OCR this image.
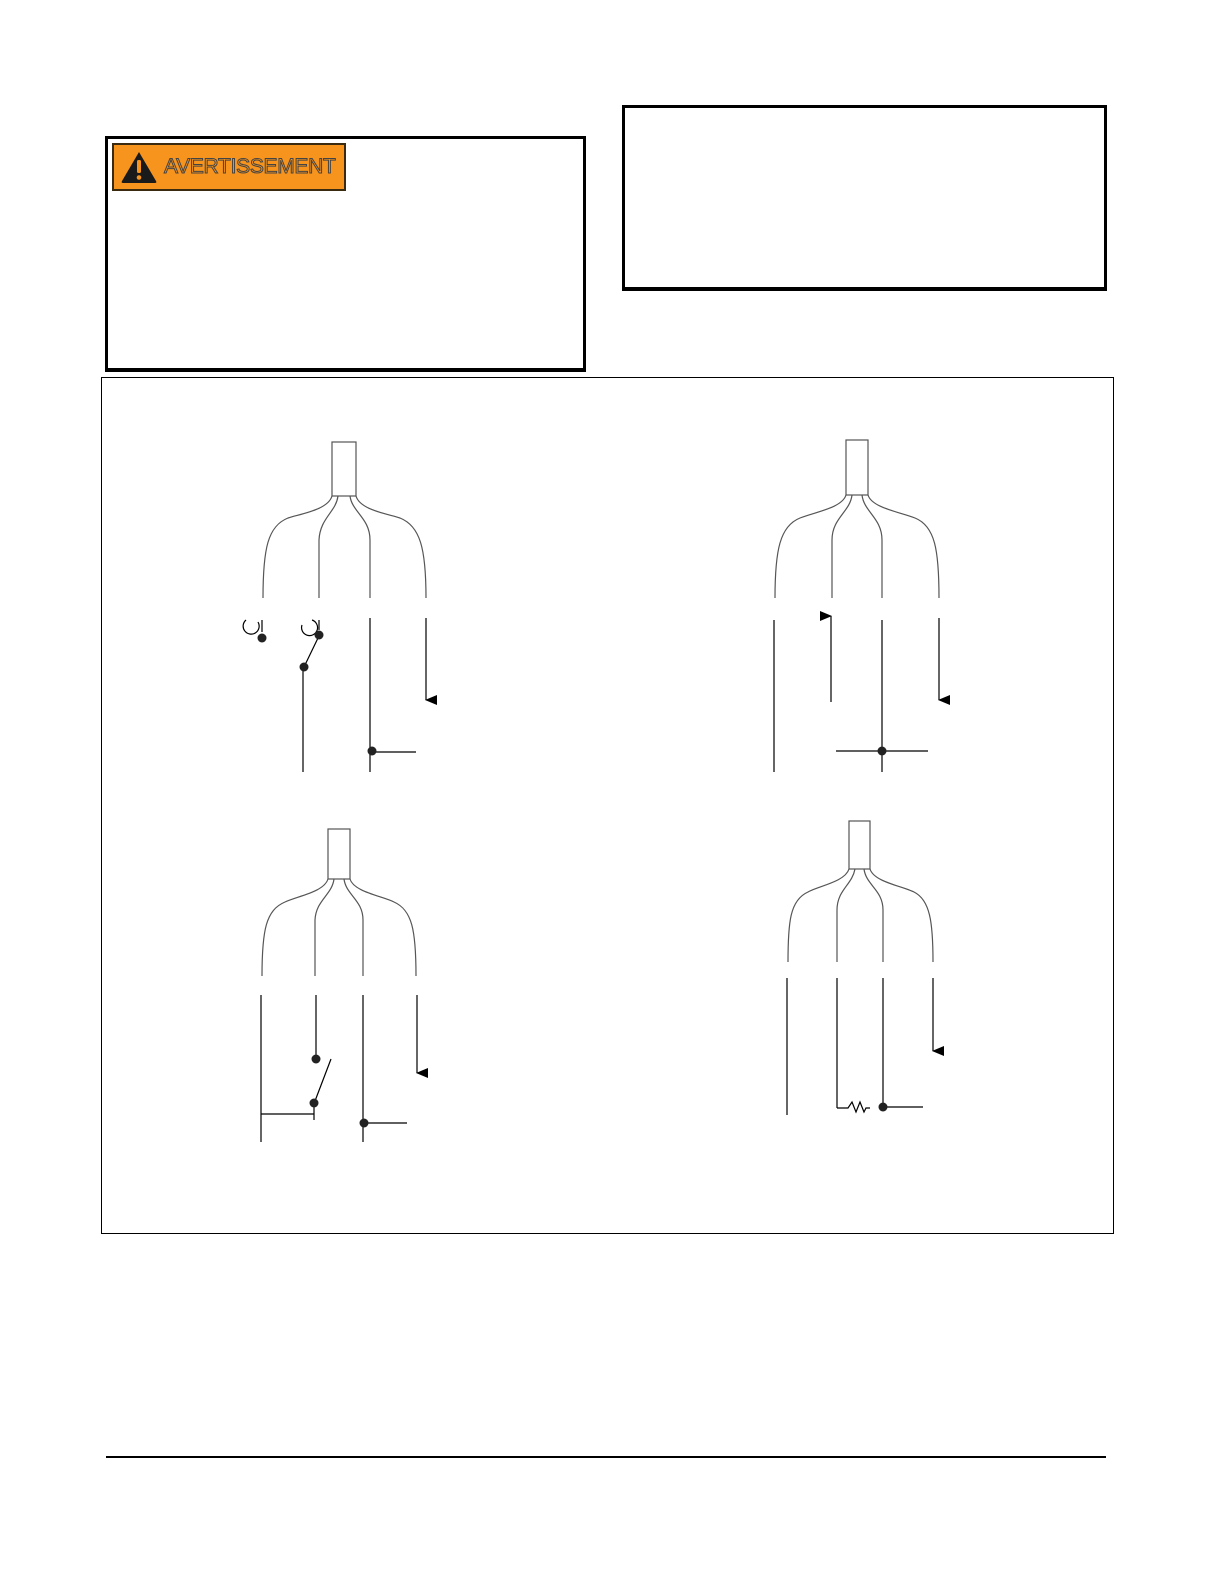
AVERTISSEMENT
